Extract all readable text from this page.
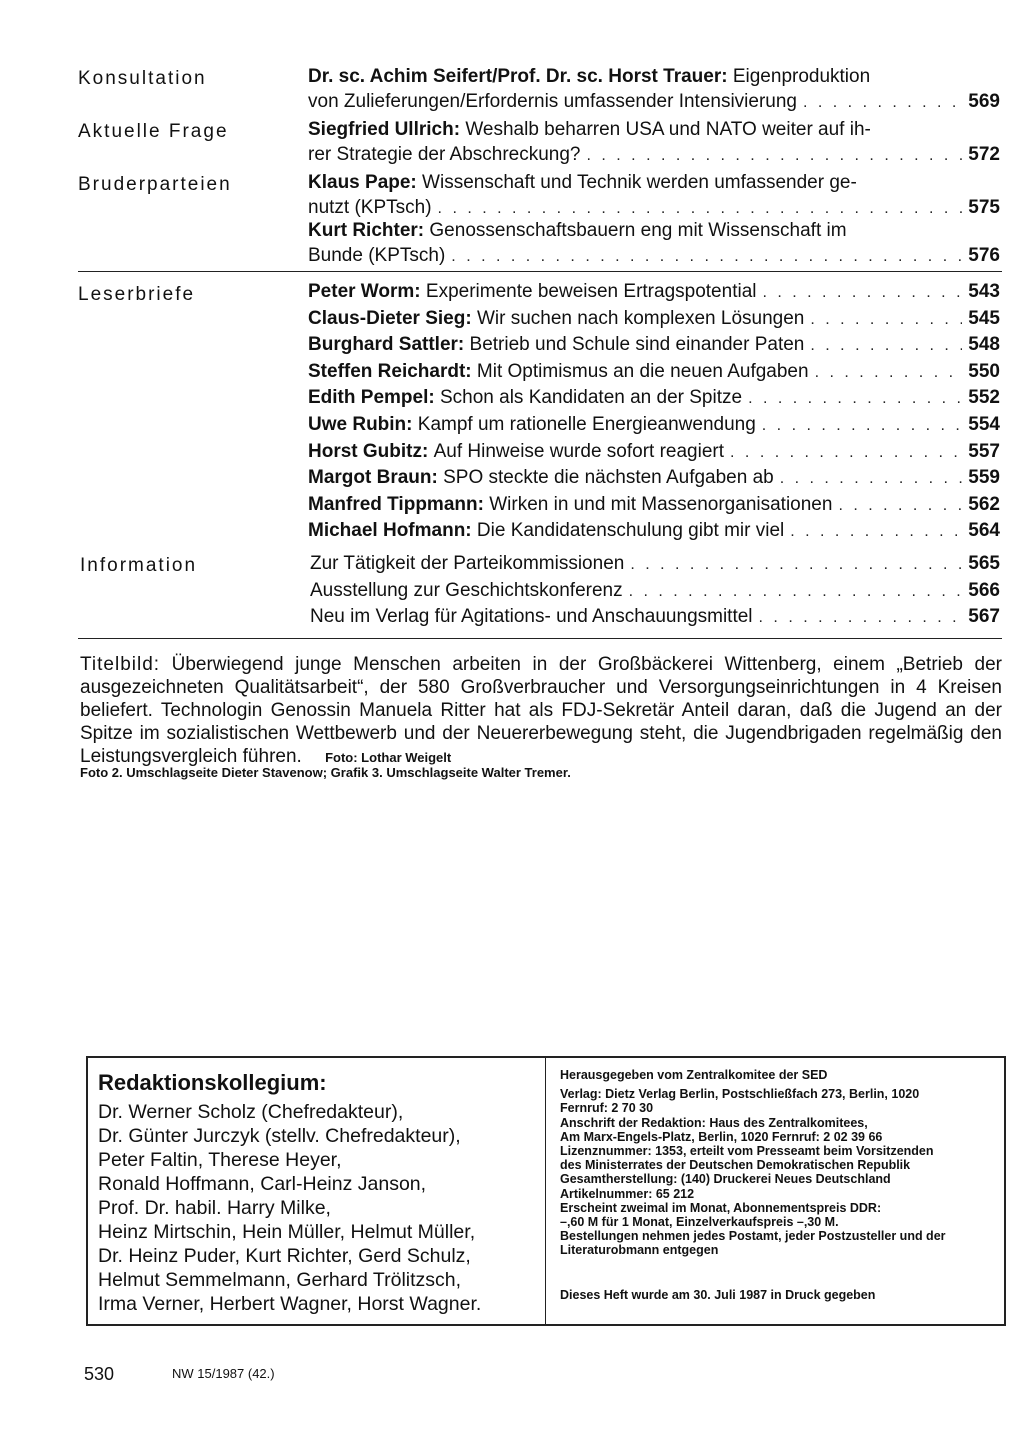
Konsultation	Dr. sc. Achim Seifert/Prof. Dr. sc. Horst Trauer:
Eigenproduktion
von Zulieferungen/Erfordernis umfassender Intensivierung . . .	569
Aktuelle Frage	Siegfried Ullrich:
Weshalb beharren USA und NATO weiter auf ih-
rer Strategie der Abschreckung? . . .	572
Bruderparteien	Klaus Pape:
Wissenschaft und Technik werden umfassender ge-
nutzt (KPTsch) . . .	575
Kurt Richter:
Genossenschaftsbauern eng mit Wissenschaft im
Bunde (KPTsch) . . .	576
Leserbriefe	Peter Worm:
Experimente beweisen Ertragspotential . . .	543
Claus-Dieter Sieg:
Wir suchen nach komplexen Lösungen . . .	545
Burghard Sattler:
Betrieb und Schule sind einander Paten . . .	548
Steffen Reichardt:
Mit Optimismus an die neuen Aufgaben . . .	550
Edith Pempel:
Schon als Kandidaten an der Spitze . . .	552
Uwe Rubin:
Kampf um rationelle Energieanwendung . . .	554
Horst Gubitz:
Auf Hinweise wurde sofort reagiert . . .	557
Margot Braun:
SPO steckte die nächsten Aufgaben ab . . .	559
Manfred Tippmann:
Wirken in und mit Massenorganisationen . . .	562
Michael Hofmann:
Die Kandidatenschulung gibt mir viel . . .	564
Information	Zur Tätigkeit der Parteikommissionen . . .	565
Ausstellung zur Geschichtskonferenz . . .	566
Neu im Verlag für Agitations- und Anschauungsmittel . . .	567
Titelbild: Überwiegend junge Menschen arbeiten in der Großbäckerei Wittenberg, einem „Betrieb der ausgezeichneten Qualitätsarbeit“, der 580 Großverbraucher und Versorgungseinrichtungen in 4 Kreisen beliefert. Technologin Genossin Manuela Ritter hat als FDJ-Sekretär Anteil daran, daß die Jugend an der Spitze im sozialistischen Wettbewerb und der Neuererbewegung steht, die Jugendbrigaden regelmäßig den Leistungsvergleich führen. Foto: Lothar Weigelt
Foto 2. Umschlagseite Dieter Stavenow; Grafik 3. Umschlagseite Walter Tremer.
Redaktionskollegium:
Dr. Werner Scholz (Chefredakteur),
Dr. Günter Jurczyk (stellv. Chefredakteur),
Peter Faltin, Therese Heyer,
Ronald Hoffmann, Carl-Heinz Janson,
Prof. Dr. habil. Harry Milke,
Heinz Mirtschin, Hein Müller, Helmut Müller,
Dr. Heinz Puder, Kurt Richter, Gerd Schulz,
Helmut Semmelmann, Gerhard Trölitzsch,
Irma Verner, Herbert Wagner, Horst Wagner.
Herausgegeben vom Zentralkomitee der SED
Verlag: Dietz Verlag Berlin, Postschließfach 273, Berlin, 1020
Fernruf: 2 70 30
Anschrift der Redaktion: Haus des Zentralkomitees,
Am Marx-Engels-Platz, Berlin, 1020 Fernruf: 2 02 39 66
Lizenznummer: 1353, erteilt vom Presseamt beim Vorsitzenden
des Ministerrates der Deutschen Demokratischen Republik
Gesamtherstellung: (140) Druckerei Neues Deutschland
Artikelnummer: 65 212
Erscheint zweimal im Monat, Abonnementspreis DDR:
–,60 M für 1 Monat, Einzelverkaufspreis –,30 M.
Bestellungen nehmen jedes Postamt, jeder Postzusteller und der
Literaturobmann entgegen
Dieses Heft wurde am 30. Juli 1987 in Druck gegeben
530	NW 15/1987 (42.)
